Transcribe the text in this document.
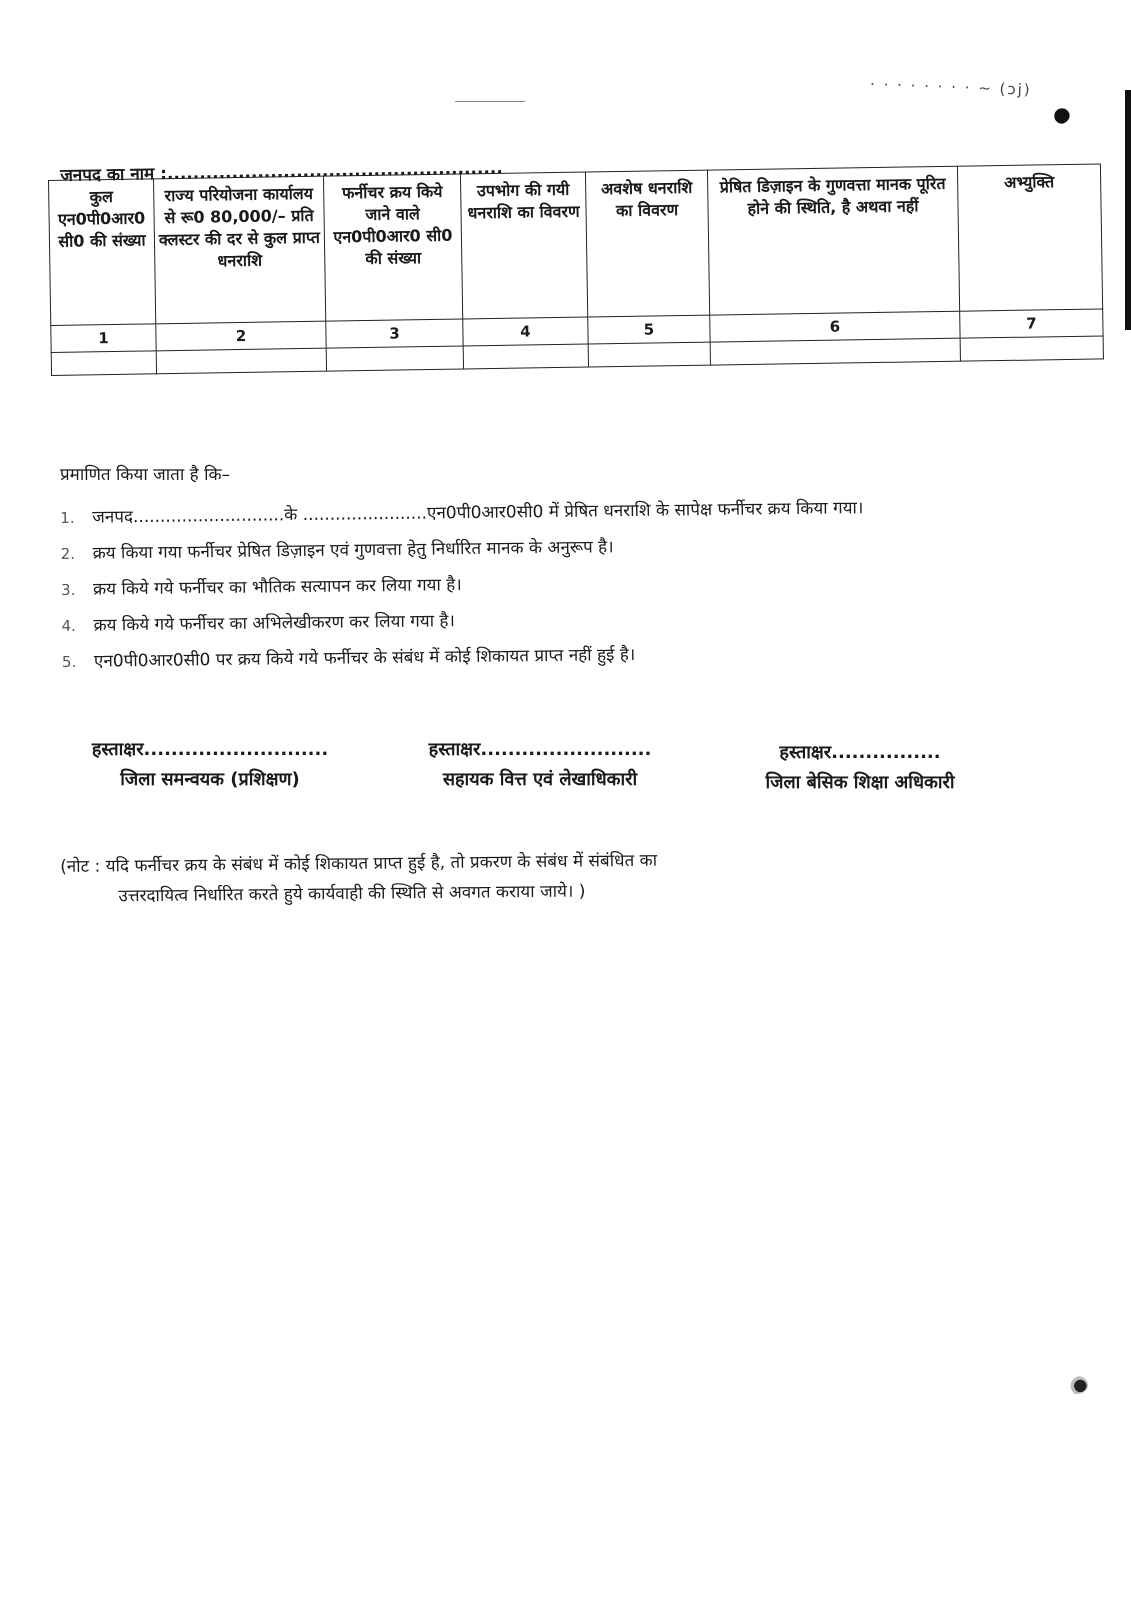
· · · · · · · · ~ (ɔj)
जनपद का नाम :....................................................
कुल एन0पी0आर0 सी0 की संख्या	राज्य परियोजना कार्यालय से रू0 80,000/– प्रति क्लस्टर की दर से कुल प्राप्त धनराशि	फर्नीचर क्रय किये जाने वाले एन0पी0आर0 सी0 की संख्या	उपभोग की गयी धनराशि का विवरण	अवशेष धनराशि का विवरण	प्रेषित डिज़ाइन के गुणवत्ता मानक पूरित होने की स्थिति, है अथवा नहीं	अभ्युक्ति
1	2	3	4	5	6	7

प्रमाणित किया जाता है कि–
1.	जनपद............................के .......................एन0पी0आर0सी0 में प्रेषित धनराशि के सापेक्ष फर्नीचर क्रय किया गया।
2.	क्रय किया गया फर्नीचर प्रेषित डिज़ाइन एवं गुणवत्ता हेतु निर्धारित मानक के अनुरूप है।
3.	क्रय किये गये फर्नीचर का भौतिक सत्यापन कर लिया गया है।
4.	क्रय किये गये फर्नीचर का अभिलेखीकरण कर लिया गया है।
5.	एन0पी0आर0सी0 पर क्रय किये गये फर्नीचर के संबंध में कोई शिकायत प्राप्त नहीं हुई है।
हस्ताक्षर...........................
जिला समन्वयक (प्रशिक्षण)
हस्ताक्षर.........................
सहायक वित्त एवं लेखाधिकारी
हस्ताक्षर................
जिला बेसिक शिक्षा अधिकारी
(नोट : यदि फर्नीचर क्रय के संबंध में कोई शिकायत प्राप्त हुई है, तो प्रकरण के संबंध में संबंधित का
उत्तरदायित्व निर्धारित करते हुये कार्यवाही की स्थिति से अवगत कराया जाये। )
